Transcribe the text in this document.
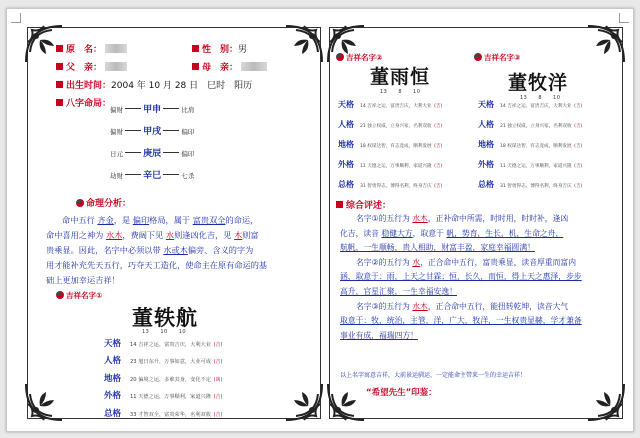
原　名：	性　别：男
父　亲：	母　亲：
出生时间：2004 年 10 月 28 日　巳时　阳历
八字命局：
偏财 甲申	比肩
偏财 甲戌	偏印
日元 庚辰	偏印
劫财 辛巳	七杀
命理分析：
命中五行 齐金，是 偏印格局，属于 富贵双全的命运，
命中喜用之神为 水木，费阔下见 水则逢凶化吉，见 木则富
贵乘显。因此，名字中必须以带 水或木偏旁、含义的字为
用才能补充先天五行，巧夺天工造化，使命主在原有命运的基
础上更加幸运吉祥！
吉祥名字①
董轶航
13　　10　　10
天格 14 吉祥之运，富贵吉庆，大利大业 (吉)
人格 23 旭日东升，万事如意，大业可成 (吉)
地格 20 偏境之运，多难其身，变化不定 (凶)
外格 11 天德之运，万事顺利，家道兴隆 (吉)
总格 33 才智双全，富贵荣华，名利双收 (吉)
吉祥名字②	吉祥名字③
董雨恒	董牧洋
13　　8　　10
13　　8　　10
天格 14 吉祥之运，富贵吉庆，大利大业 (吉)
人格 21 独立权威，立身兴家，名利双收 (吉)
地格 18 权谋达智，有志竟成，顺利发展 (吉)
外格 11 天德之运，万事顺利，家道兴隆 (吉)
总格 31 智勇得志，博得名利，终身吉庆 (吉)
天格 14 吉祥之运，富贵吉庆，大利大业 (吉)
人格 21 独立权威，立身兴家，名利双收 (吉)
地格 18 权谋达智，有志竟成，顺利发展 (吉)
外格 11 天德之运，万事顺利，家道兴隆 (吉)
总格 31 智勇得志，博得名利，终身吉庆 (吉)
综合评述：
名字①的五行为 水木，正补命中所需，时时用，时时补，逢凶
化吉，读音 稳健大方，取意于 帆，势育，生长，机，生命之舟，
航帆，一生顺畅，贵人相助，财富丰盈，家庭幸福圆满！
名字②的五行为 水，正合命中五行，富贵乘显，读音厚重而富内
涵，取意于：雨，上天之甘霖；恒，长久，而恒，得上天之惠泽，步步
高升，官星汇聚，一生幸福安逸！
名字③的五行为 水木，正合命中五行，能扭转乾坤，读音大气
取意于：牧，统治，主管，洋，广大，牧洋，一生权贵显赫，学才兼备
事业有成，福瑞四方！
以上名字寓意吉祥，大前景运驯运，一定能命主带来一生的幸运吉祥！
“希望先生”印鉴：
